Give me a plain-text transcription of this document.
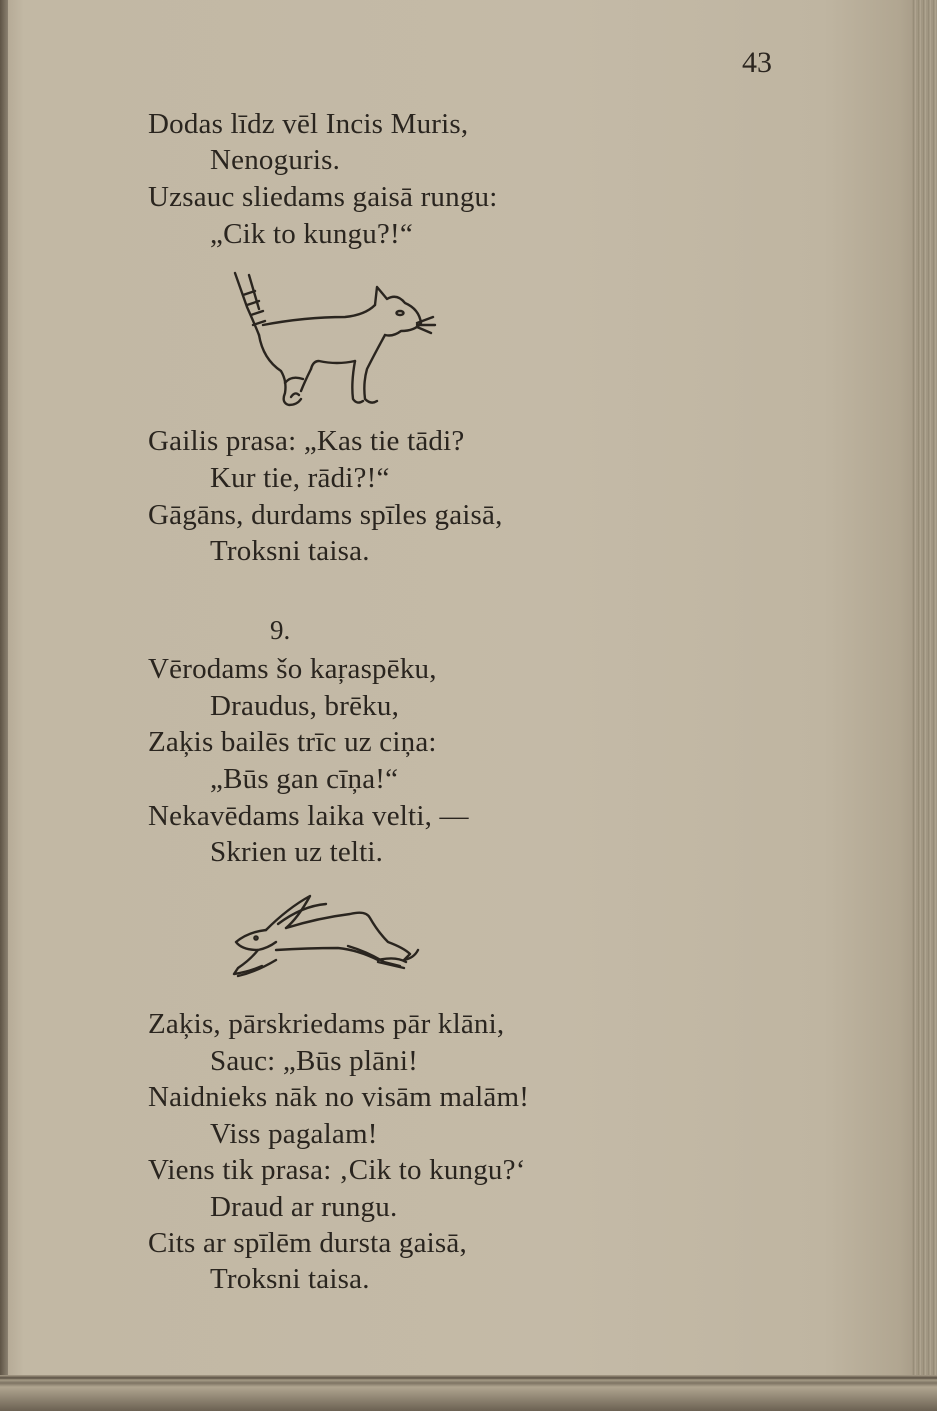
43
Dodas līdz vēl Incis Muris,
Nenoguris.
Uzsauc sliedams gaisā rungu:
„Cik to kungu?!“
Gailis prasa: „Kas tie tādi?
Kur tie, rādi?!“
Gāgāns, durdams spīles gaisā,
Troksni taisa.
9.
Vērodams šo kaŗaspēku,
Draudus, brēku,
Zaķis bailēs trīc uz ciņa:
„Būs gan cīņa!“
Nekavēdams laika velti, —
Skrien uz telti.
Zaķis, pārskriedams pār klāni,
Sauc: „Būs plāni!
Naidnieks nāk no visām malām!
Viss pagalam!
Viens tik prasa: ‚Cik to kungu?‘
Draud ar rungu.
Cits ar spīlēm dursta gaisā,
Troksni taisa.
